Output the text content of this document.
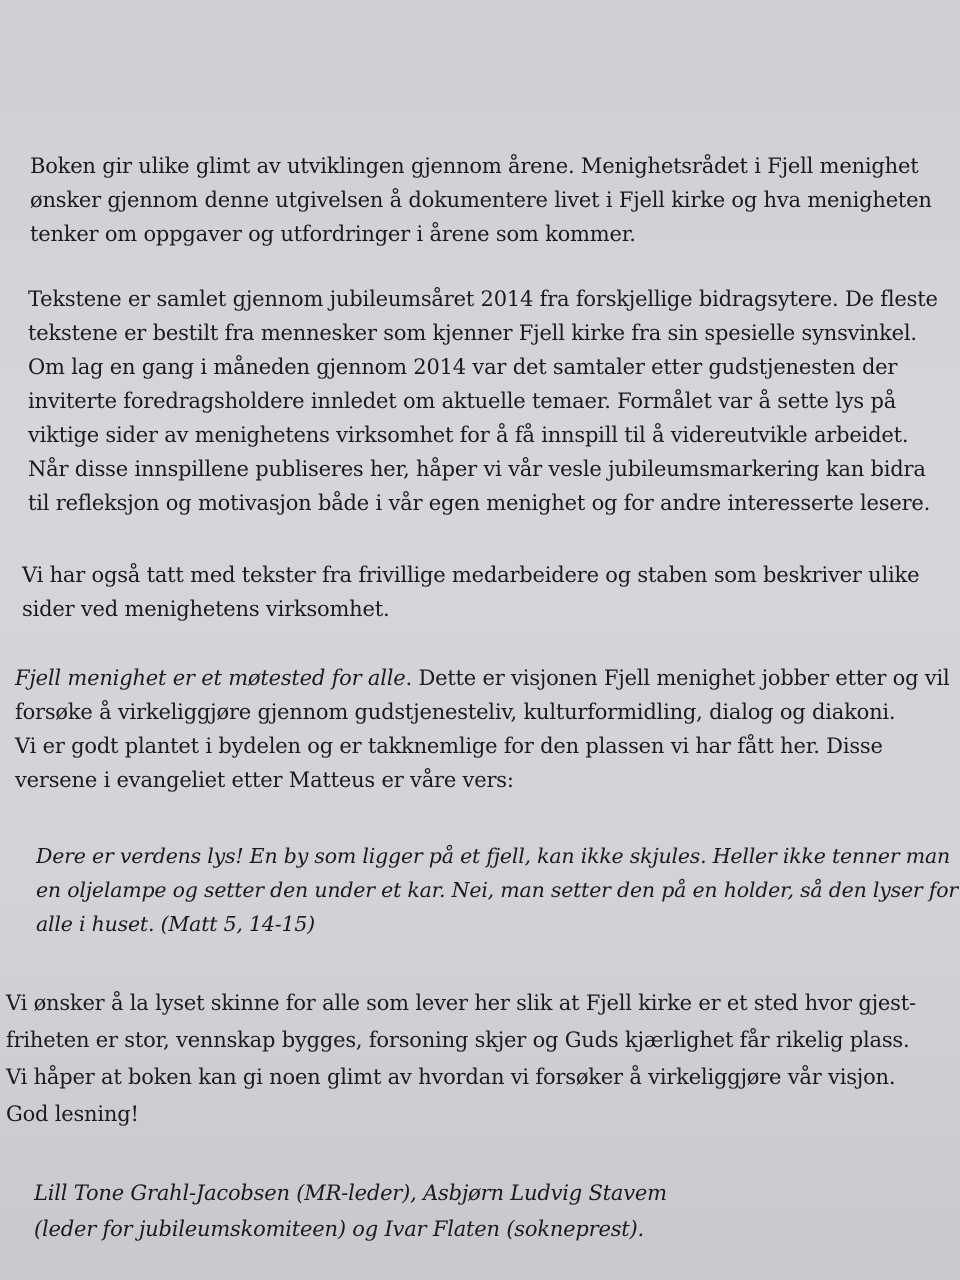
Boken gir ulike glimt av utviklingen gjennom årene. Menighetsrådet i Fjell menighet
ønsker gjennom denne utgivelsen å dokumentere livet i Fjell kirke og hva menigheten
tenker om oppgaver og utfordringer i årene som kommer.

Tekstene er samlet gjennom jubileumsåret 2014 fra forskjellige bidragsytere. De fleste
tekstene er bestilt fra mennesker som kjenner Fjell kirke fra sin spesielle synsvinkel.
Om lag en gang i måneden gjennom 2014 var det samtaler etter gudstjenesten der
inviterte foredragsholdere innledet om aktuelle temaer. Formålet var å sette lys på
viktige sider av menighetens virksomhet for å få innspill til å videreutvikle arbeidet.
Når disse innspillene publiseres her, håper vi vår vesle jubileumsmarkering kan bidra
til refleksjon og motivasjon både i vår egen menighet og for andre interesserte lesere.

Vi har også tatt med tekster fra frivillige medarbeidere og staben som beskriver ulike
sider ved menighetens virksomhet.

Fjell menighet er et møtested for alle. Dette er visjonen Fjell menighet jobber etter og vil
forsøke å virkeliggjøre gjennom gudstjenesteliv, kulturformidling, dialog og diakoni.
Vi er godt plantet i bydelen og er takknemlige for den plassen vi har fått her. Disse
versene i evangeliet etter Matteus er våre vers:

Dere er verdens lys! En by som ligger på et fjell, kan ikke skjules. Heller ikke tenner man
en oljelampe og setter den under et kar. Nei, man setter den på en holder, så den lyser for
alle i huset. (Matt 5, 14-15)

Vi ønsker å la lyset skinne for alle som lever her slik at Fjell kirke er et sted hvor gjest-
friheten er stor, vennskap bygges, forsoning skjer og Guds kjærlighet får rikelig plass.
Vi håper at boken kan gi noen glimt av hvordan vi forsøker å virkeliggjøre vår visjon.
God lesning!

Lill Tone Grahl-Jacobsen (MR-leder), Asbjørn Ludvig Stavem
(leder for jubileumskomiteen) og Ivar Flaten (sokneprest).
